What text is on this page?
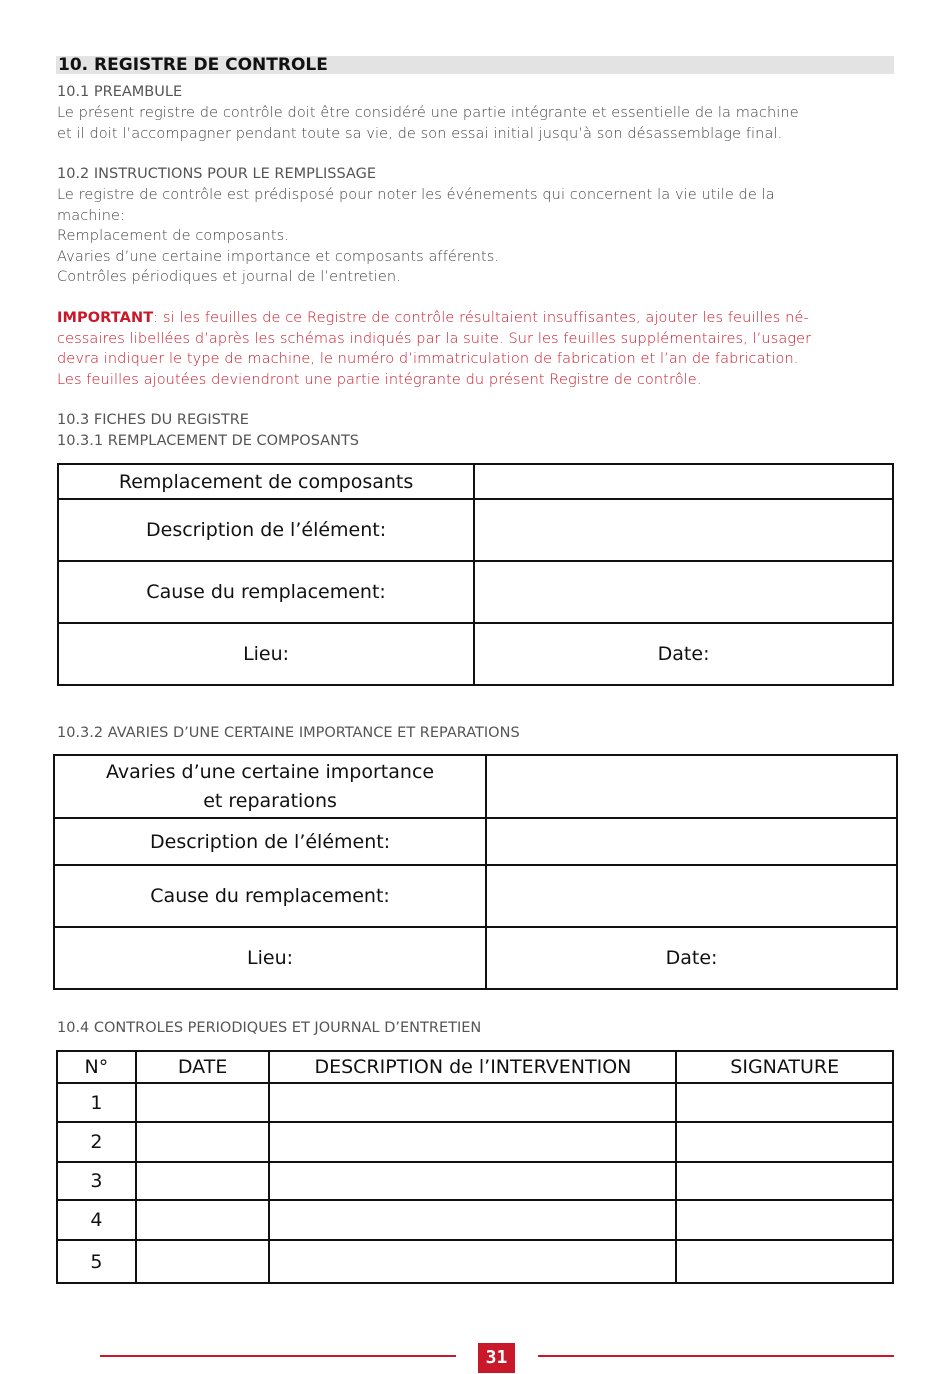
10. REGISTRE DE CONTROLE
10.1 PREAMBULE

Le présent registre de contrôle doit être considéré une partie intégrante et essentielle de la machine

et il doit l’accompagner pendant toute sa vie, de son essai initial jusqu’à son désassemblage final.

10.2 INSTRUCTIONS POUR LE REMPLISSAGE

Le registre de contrôle est prédisposé pour noter les événements qui concernent la vie utile de la

machine:

Remplacement de composants.

Avaries d’une certaine importance et composants afférents.

Contrôles périodiques et journal de l’entretien.

IMPORTANT: si les feuilles de ce Registre de contrôle résultaient insuffisantes, ajouter les feuilles né-

cessaires libellées d’après les schémas indiqués par la suite. Sur les feuilles supplémentaires, l’usager

devra indiquer le type de machine, le numéro d’immatriculation de fabrication et l’an de fabrication.

Les feuilles ajoutées deviendront une partie intégrante du présent Registre de contrôle.

10.3 FICHES DU REGISTRE
10.3.1 REMPLACEMENT DE COMPOSANTS
Remplacement de composants	
Description de l’élément:	
Cause du remplacement:	
Lieu:	Date:
10.3.2 AVARIES D’UNE CERTAINE IMPORTANCE ET REPARATIONS
Avaries d’une certaine importance
et reparations	

Description de l’élément:	
Cause du remplacement:	
Lieu:	Date:
10.4 CONTROLES PERIODIQUES ET JOURNAL D’ENTRETIEN
N°	DATE	DESCRIPTION de l’INTERVENTION	SIGNATURE
1			
2			
3			
4			
5			
31
